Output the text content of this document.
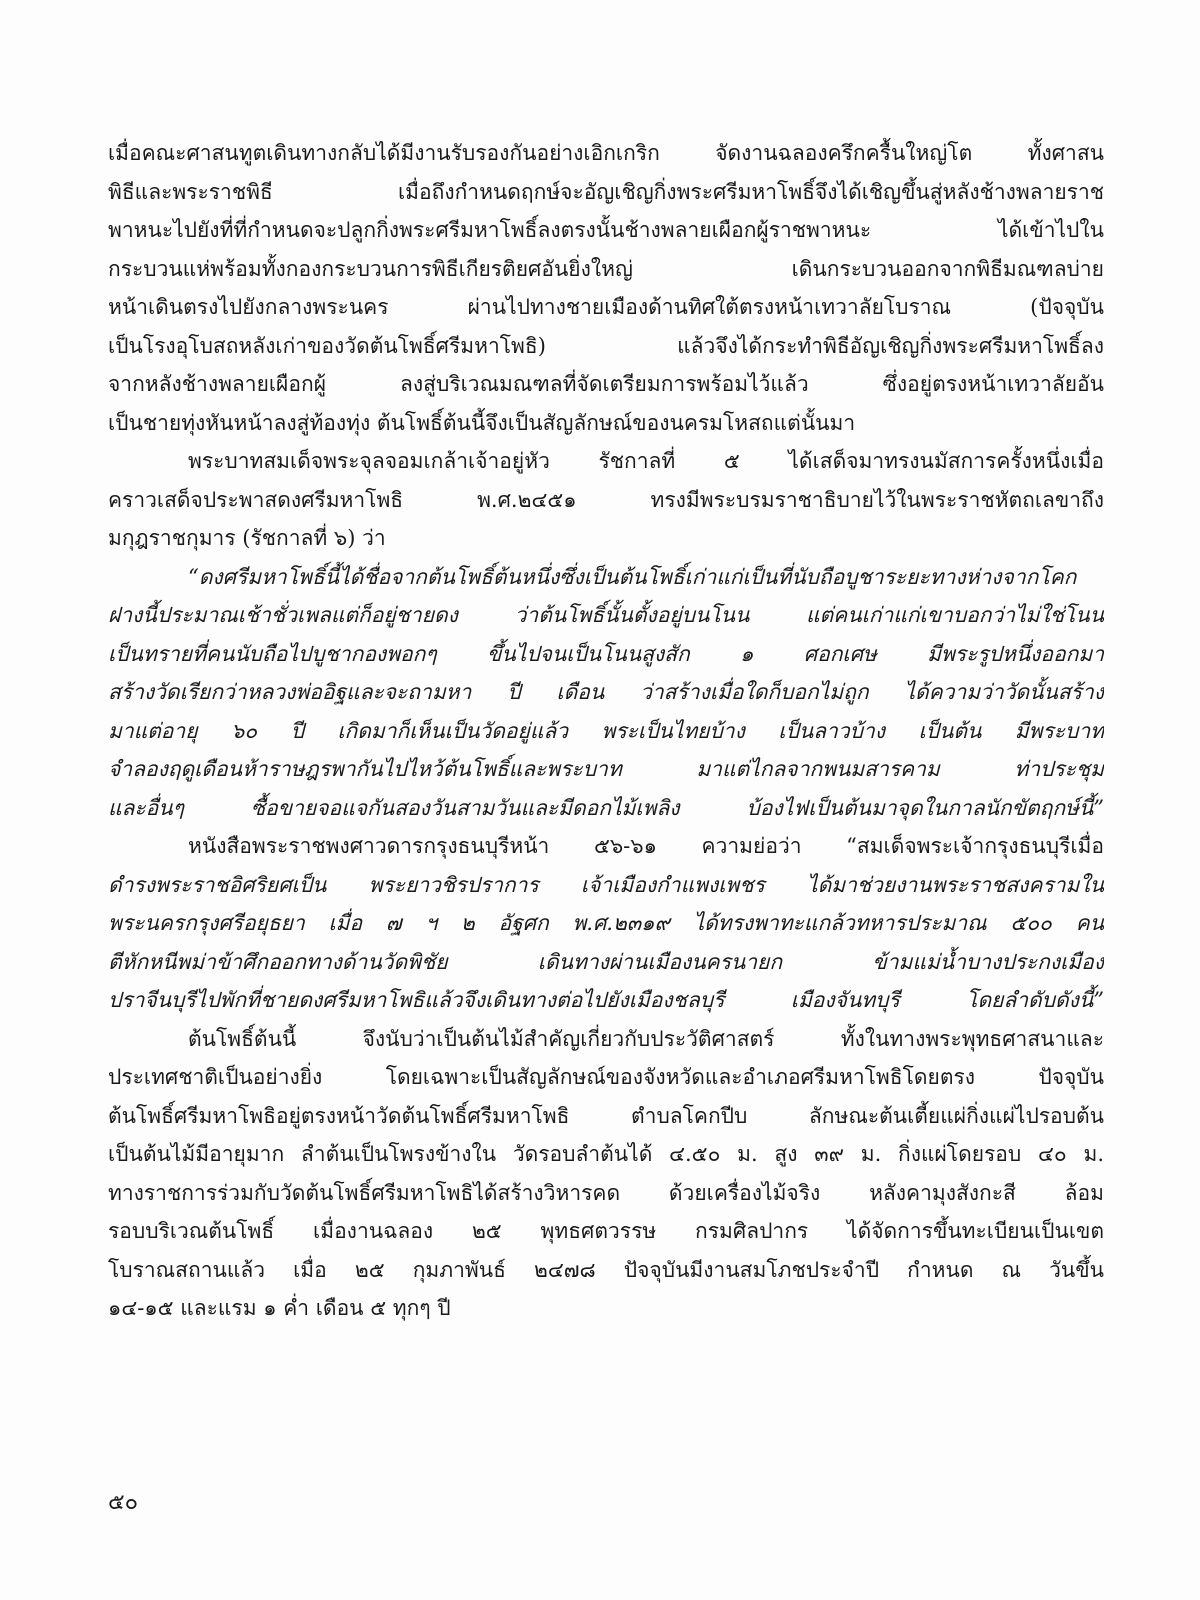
เมื่อคณะศาสนทูตเดินทางกลับได้มีงานรับรองกันอย่างเอิกเกริก จัดงานฉลองครึกครื้นใหญ่โต ทั้งศาสน
พิธีและพระราชพิธี เมื่อถึงกำหนดฤกษ์จะอัญเชิญกิ่งพระศรีมหาโพธิ์จึงได้เชิญขึ้นสู่หลังช้างพลายราช
พาหนะไปยังที่ที่กำหนดจะปลูกกิ่งพระศรีมหาโพธิ์ลงตรงนั้นช้างพลายเผือกผู้ราชพาหนะ ได้เข้าไปใน
กระบวนแห่พร้อมทั้งกองกระบวนการพิธีเกียรติยศอันยิ่งใหญ่ เดินกระบวนออกจากพิธีมณฑลบ่าย
หน้าเดินตรงไปยังกลางพระนคร ผ่านไปทางชายเมืองด้านทิศใต้ตรงหน้าเทวาลัยโบราณ (ปัจจุบัน
เป็นโรงอุโบสถหลังเก่าของวัดต้นโพธิ์ศรีมหาโพธิ) แล้วจึงได้กระทำพิธีอัญเชิญกิ่งพระศรีมหาโพธิ์ลง
จากหลังช้างพลายเผือกผู้ ลงสู่บริเวณมณฑลที่จัดเตรียมการพร้อมไว้แล้ว ซึ่งอยู่ตรงหน้าเทวาลัยอัน
เป็นชายทุ่งหันหน้าลงสู่ท้องทุ่ง ต้นโพธิ์ต้นนี้จึงเป็นสัญลักษณ์ของนครมโหสถแต่นั้นมา
พระบาทสมเด็จพระจุลจอมเกล้าเจ้าอยู่หัว รัชกาลที่ ๕ ได้เสด็จมาทรงนมัสการครั้งหนึ่งเมื่อ
คราวเสด็จประพาสดงศรีมหาโพธิ พ.ศ.๒๔๕๑ ทรงมีพระบรมราชาธิบายไว้ในพระราชหัตถเลขาถึง
มกุฎราชกุมาร (รัชกาลที่ ๖) ว่า
“ดงศรีมหาโพธิ์นี้ได้ชื่อจากต้นโพธิ์ต้นหนึ่งซึ่งเป็นต้นโพธิ์เก่าแก่เป็นที่นับถือบูชาระยะทางห่างจากโคก
ฝางนี้ประมาณเช้าชั่วเพลแต่ก็อยู่ชายดง ว่าต้นโพธิ์นั้นตั้งอยู่บนโนน แต่คนเก่าแก่เขาบอกว่าไม่ใช่โนน
เป็นทรายที่คนนับถือไปบูชากองพอกๆ ขึ้นไปจนเป็นโนนสูงสัก ๑ ศอกเศษ มีพระรูปหนึ่งออกมา
สร้างวัดเรียกว่าหลวงพ่ออิฐและจะถามหา ปี เดือน ว่าสร้างเมื่อใดก็บอกไม่ถูก ได้ความว่าวัดนั้นสร้าง
มาแต่อายุ ๖๐ ปี เกิดมาก็เห็นเป็นวัดอยู่แล้ว พระเป็นไทยบ้าง เป็นลาวบ้าง เป็นต้น มีพระบาท
จำลองฤดูเดือนห้าราษฎรพากันไปไหว้ต้นโพธิ์และพระบาท มาแต่ไกลจากพนมสารคาม ท่าประชุม
และอื่นๆ ซื้อขายจอแจกันสองวันสามวันและมีดอกไม้เพลิง บ้องไฟเป็นต้นมาจุดในกาลนักขัตฤกษ์นี้”
หนังสือพระราชพงศาวดารกรุงธนบุรีหน้า ๕๖-๖๑ ความย่อว่า “สมเด็จพระเจ้ากรุงธนบุรีเมื่อ
ดำรงพระราชอิศริยศเป็น พระยาวชิรปราการ เจ้าเมืองกำแพงเพชร ได้มาช่วยงานพระราชสงครามใน
พระนครกรุงศรีอยุธยา เมื่อ ๗ ฯ ๒ อัฐศก พ.ศ.๒๓๑๙ ได้ทรงพาทะแกล้วทหารประมาณ ๕๐๐ คน
ตีหักหนีพม่าข้าศึกออกทางด้านวัดพิชัย เดินทางผ่านเมืองนครนายก ข้ามแม่น้ำบางประกงเมือง
ปราจีนบุรีไปพักที่ชายดงศรีมหาโพธิแล้วจึงเดินทางต่อไปยังเมืองชลบุรี เมืองจันทบุรี โดยลำดับดังนี้”
ต้นโพธิ์ต้นนี้ จึงนับว่าเป็นต้นไม้สำคัญเกี่ยวกับประวัติศาสตร์ ทั้งในทางพระพุทธศาสนาและ
ประเทศชาติเป็นอย่างยิ่ง โดยเฉพาะเป็นสัญลักษณ์ของจังหวัดและอำเภอศรีมหาโพธิโดยตรง ปัจจุบัน
ต้นโพธิ์ศรีมหาโพธิอยู่ตรงหน้าวัดต้นโพธิ์ศรีมหาโพธิ ตำบลโคกปีบ ลักษณะต้นเตี้ยแผ่กิ่งแผ่ไปรอบต้น
เป็นต้นไม้มีอายุมาก ลำต้นเป็นโพรงข้างใน วัดรอบลำต้นได้ ๔.๕๐ ม. สูง ๓๙ ม. กิ่งแผ่โดยรอบ ๔๐ ม.
ทางราชการร่วมกับวัดต้นโพธิ์ศรีมหาโพธิได้สร้างวิหารคด ด้วยเครื่องไม้จริง หลังคามุงสังกะสี ล้อม
รอบบริเวณต้นโพธิ์ เมื่องานฉลอง ๒๕ พุทธศตวรรษ กรมศิลปากร ได้จัดการขึ้นทะเบียนเป็นเขต
โบราณสถานแล้ว เมื่อ ๒๕ กุมภาพันธ์ ๒๔๗๘ ปัจจุบันมีงานสมโภชประจำปี กำหนด ณ วันขึ้น
๑๔-๑๕ และแรม ๑ ค่ำ เดือน ๕ ทุกๆ ปี
๕๐
